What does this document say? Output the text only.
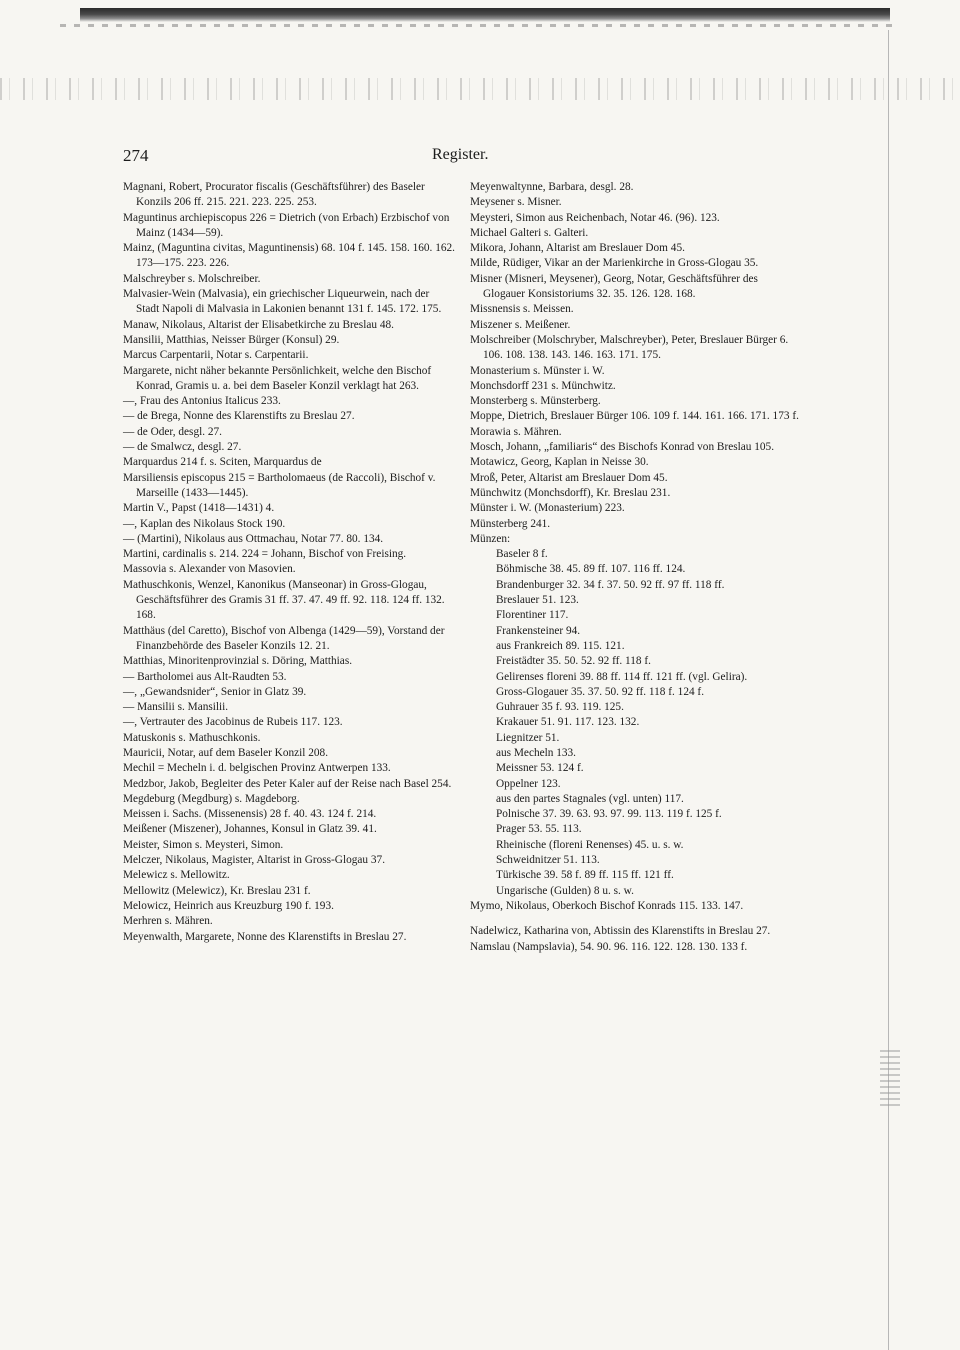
274	Register.

Magnani, Robert, Procurator fiscalis (Geschäftsführer) des Baseler Konzils 206 ff. 215. 221. 223. 225. 253.

Maguntinus archiepiscopus 226 = Dietrich (von Erbach) Erzbischof von Mainz (1434—59).

Mainz, (Maguntina civitas, Maguntinensis) 68. 104 f. 145. 158. 160. 162. 173—175. 223. 226.

Malschreyber s. Molschreiber.

Malvasier-Wein (Malvasia), ein griechischer Liqueurwein, nach der Stadt Napoli di Malvasia in Lakonien benannt 131 f. 145. 172. 175.

Manaw, Nikolaus, Altarist der Elisabetkirche zu Breslau 48.

Mansilii, Matthias, Neisser Bürger (Konsul) 29.

Marcus Carpentarii, Notar s. Carpentarii.

Margarete, nicht näher bekannte Persönlichkeit, welche den Bischof Konrad, Gramis u. a. bei dem Baseler Konzil verklagt hat 263.

—, Frau des Antonius Italicus 233.

— de Brega, Nonne des Klarenstifts zu Breslau 27.

— de Oder, desgl. 27.

— de Smalwcz, desgl. 27.

Marquardus 214 f. s. Sciten, Marquardus de

Marsiliensis episcopus 215 = Bartholomaeus (de Raccoli), Bischof v. Marseille (1433—1445).

Martin V., Papst (1418—1431) 4.

—, Kaplan des Nikolaus Stock 190.

— (Martini), Nikolaus aus Ottmachau, Notar 77. 80. 134.

Martini, cardinalis s. 214. 224 = Johann, Bischof von Freising.

Massovia s. Alexander von Masovien.

Mathuschkonis, Wenzel, Kanonikus (Manseonar) in Gross-Glogau, Geschäftsführer des Gramis 31 ff. 37. 47. 49 ff. 92. 118. 124 ff. 132. 168.

Matthäus (del Caretto), Bischof von Albenga (1429—59), Vorstand der Finanzbehörde des Baseler Konzils 12. 21.

Matthias, Minoritenprovinzial s. Döring, Matthias.

— Bartholomei aus Alt-Raudten 53.

—, „Gewandsnider“, Senior in Glatz 39.

— Mansilii s. Mansilii.

—, Vertrauter des Jacobinus de Rubeis 117. 123.

Matuskonis s. Mathuschkonis.

Mauricii, Notar, auf dem Baseler Konzil 208.

Mechil = Mecheln i. d. belgischen Provinz Antwerpen 133.

Medzbor, Jakob, Begleiter des Peter Kaler auf der Reise nach Basel 254.

Megdeburg (Megdburg) s. Magdeborg.

Meissen i. Sachs. (Missenensis) 28 f. 40. 43. 124 f. 214.

Meißener (Miszener), Johannes, Konsul in Glatz 39. 41.

Meister, Simon s. Meysteri, Simon.

Melczer, Nikolaus, Magister, Altarist in Gross-Glogau 37.

Melewicz s. Mellowitz.

Mellowitz (Melewicz), Kr. Breslau 231 f.

Melowicz, Heinrich aus Kreuzburg 190 f. 193.

Merhren s. Mähren.

Meyenwalth, Margarete, Nonne des Klarenstifts in Breslau 27.

Meyenwaltynne, Barbara, desgl. 28.

Meysener s. Misner.

Meysteri, Simon aus Reichenbach, Notar 46. (96). 123.

Michael Galteri s. Galteri.

Mikora, Johann, Altarist am Breslauer Dom 45.

Milde, Rüdiger, Vikar an der Marienkirche in Gross-Glogau 35.

Misner (Misneri, Meysener), Georg, Notar, Geschäftsführer des Glogauer Konsistoriums 32. 35. 126. 128. 168.

Missnensis s. Meissen.

Miszener s. Meißener.

Molschreiber (Molschryber, Malschreyber), Peter, Breslauer Bürger 6. 106. 108. 138. 143. 146. 163. 171. 175.

Monasterium s. Münster i. W.

Monchsdorff 231 s. Münchwitz.

Monsterberg s. Münsterberg.

Moppe, Dietrich, Breslauer Bürger 106. 109 f. 144. 161. 166. 171. 173 f.

Morawia s. Mähren.

Mosch, Johann, „familiaris“ des Bischofs Konrad von Breslau 105.

Motawicz, Georg, Kaplan in Neisse 30.

Mroß, Peter, Altarist am Breslauer Dom 45.

Münchwitz (Monchsdorff), Kr. Breslau 231.

Münster i. W. (Monasterium) 223.

Münsterberg 241.

Münzen:

Baseler 8 f.

Böhmische 38. 45. 89 ff. 107. 116 ff. 124.

Brandenburger 32. 34 f. 37. 50. 92 ff. 97 ff. 118 ff.

Breslauer 51. 123.

Florentiner 117.

Frankensteiner 94.

aus Frankreich 89. 115. 121.

Freistädter 35. 50. 52. 92 ff. 118 f.

Gelirenses floreni 39. 88 ff. 114 ff. 121 ff. (vgl. Gelira).

Gross-Glogauer 35. 37. 50. 92 ff. 118 f. 124 f.

Guhrauer 35 f. 93. 119. 125.

Krakauer 51. 91. 117. 123. 132.

Liegnitzer 51.

aus Mecheln 133.

Meissner 53. 124 f.

Oppelner 123.

aus den partes Stagnales (vgl. unten) 117.

Polnische 37. 39. 63. 93. 97. 99. 113. 119 f. 125 f.

Prager 53. 55. 113.

Rheinische (floreni Renenses) 45. u. s. w.

Schweidnitzer 51. 113.

Türkische 39. 58 f. 89 ff. 115 ff. 121 ff.

Ungarische (Gulden) 8 u. s. w.

Mymo, Nikolaus, Oberkoch Bischof Konrads 115. 133. 147.

Nadelwicz, Katharina von, Abtissin des Klarenstifts in Breslau 27.

Namslau (Nampslavia), 54. 90. 96. 116. 122. 128. 130. 133 f.
